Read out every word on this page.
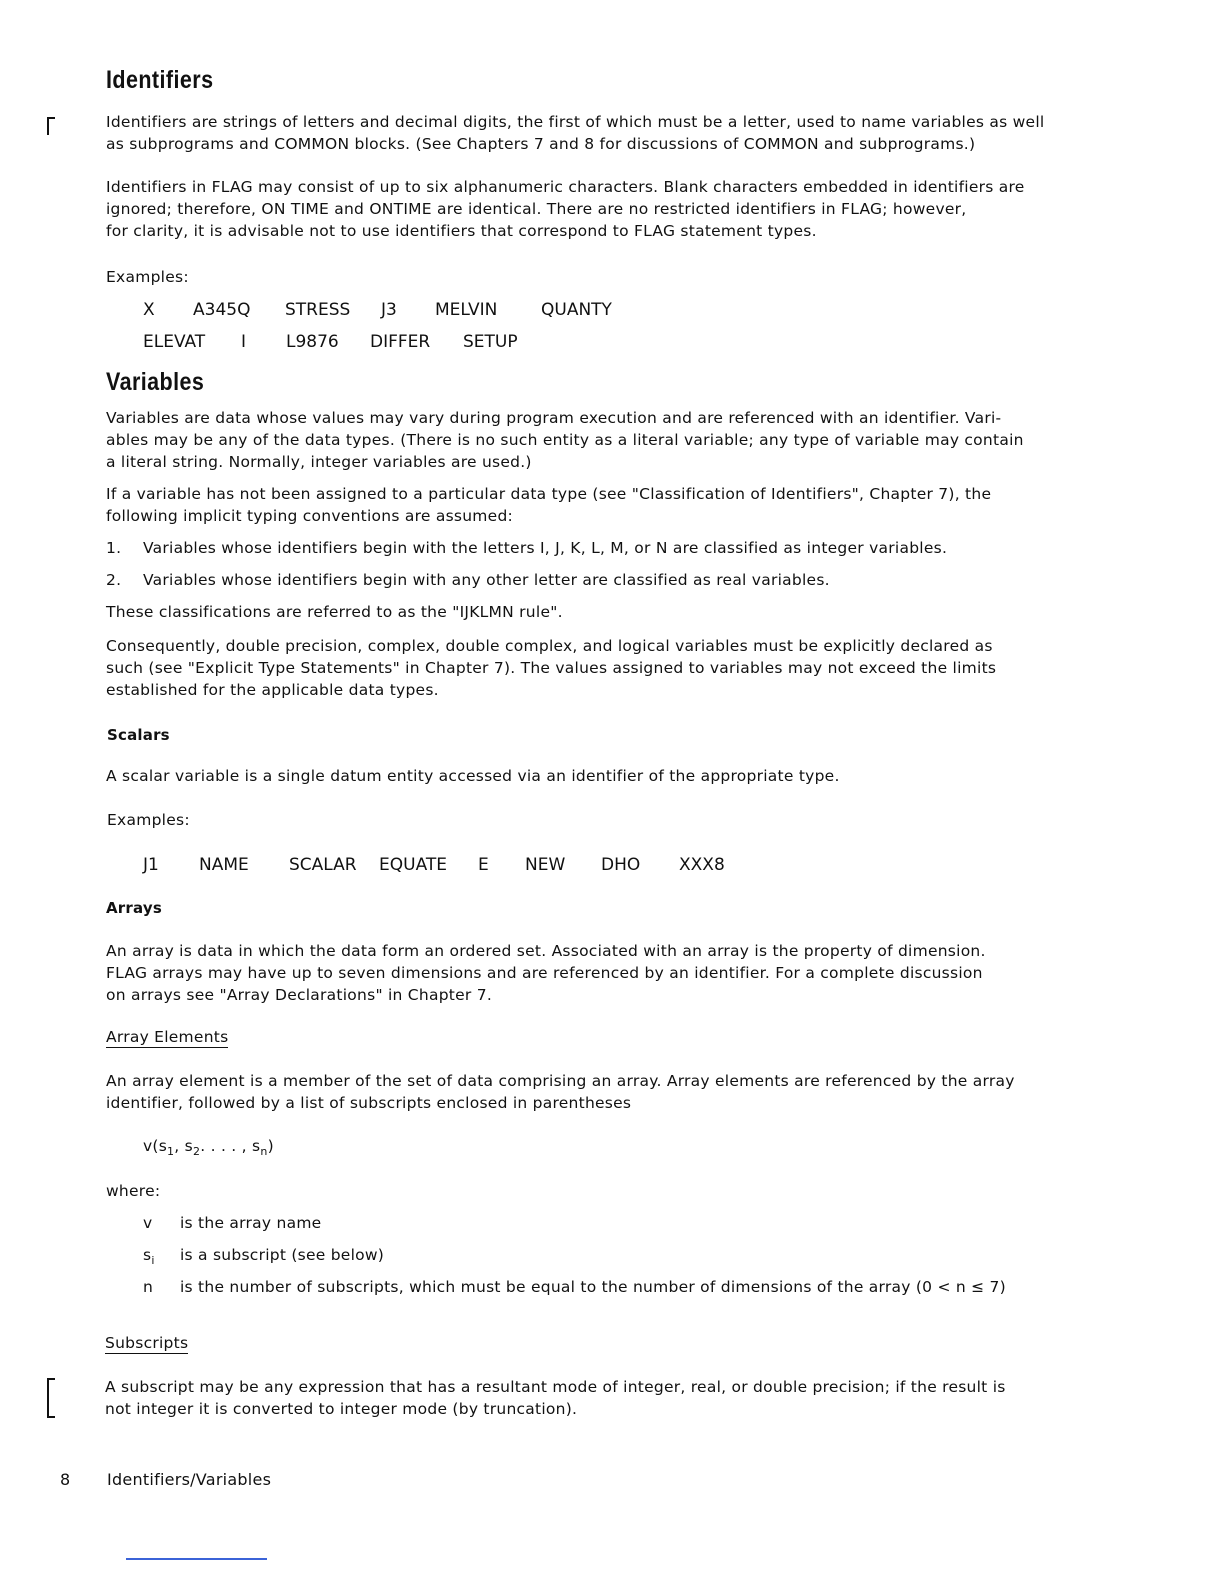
Identifiers
Identifiers are strings of letters and decimal digits, the first of which must be a letter, used to name variables as well
as subprograms and COMMON blocks. (See Chapters 7 and 8 for discussions of COMMON and subprograms.)
Identifiers in FLAG may consist of up to six alphanumeric characters. Blank characters embedded in identifiers are
ignored; therefore, ON TIME and ONTIME are identical. There are no restricted identifiers in FLAG; however,
for clarity, it is advisable not to use identifiers that correspond to FLAG statement types.
Examples:
X A345Q STRESS J3 MELVIN	QUANTY
ELEVAT I L9876 DIFFER SETUP
Variables
Variables are data whose values may vary during program execution and are referenced with an identifier. Vari-
ables may be any of the data types. (There is no such entity as a literal variable; any type of variable may contain
a literal string. Normally, integer variables are used.)
If a variable has not been assigned to a particular data type (see "Classification of Identifiers", Chapter 7), the
following implicit typing conventions are assumed:
1. Variables whose identifiers begin with the letters I, J, K, L, M, or N are classified as integer variables.
2. Variables whose identifiers begin with any other letter are classified as real variables.
These classifications are referred to as the "IJKLMN rule".
Consequently, double precision, complex, double complex, and logical variables must be explicitly declared as
such (see "Explicit Type Statements" in Chapter 7). The values assigned to variables may not exceed the limits
established for the applicable data types.
Scalars
A scalar variable is a single datum entity accessed via an identifier of the appropriate type.
Examples:
J1 NAME SCALAR EQUATE E NEW DHO XXX8
Arrays
An array is data in which the data form an ordered set. Associated with an array is the property of dimension.
FLAG arrays may have up to seven dimensions and are referenced by an identifier. For a complete discussion
on arrays see "Array Declarations" in Chapter 7.
Array Elements
An array element is a member of the set of data comprising an array. Array elements are referenced by the array
identifier, followed by a list of subscripts enclosed in parentheses
$v(s_1$, $s_2$. . . . , $s_n$)
where:
v is the array name
$s_i$ is a subscript (see below)
n is the number of subscripts, which must be equal to the number of dimensions of the array (0 < n ≤ 7)
Subscripts
A subscript may be any expression that has a resultant mode of integer, real, or double precision; if the result is
not integer it is converted to integer mode (by truncation).
8 Identifiers/Variables
